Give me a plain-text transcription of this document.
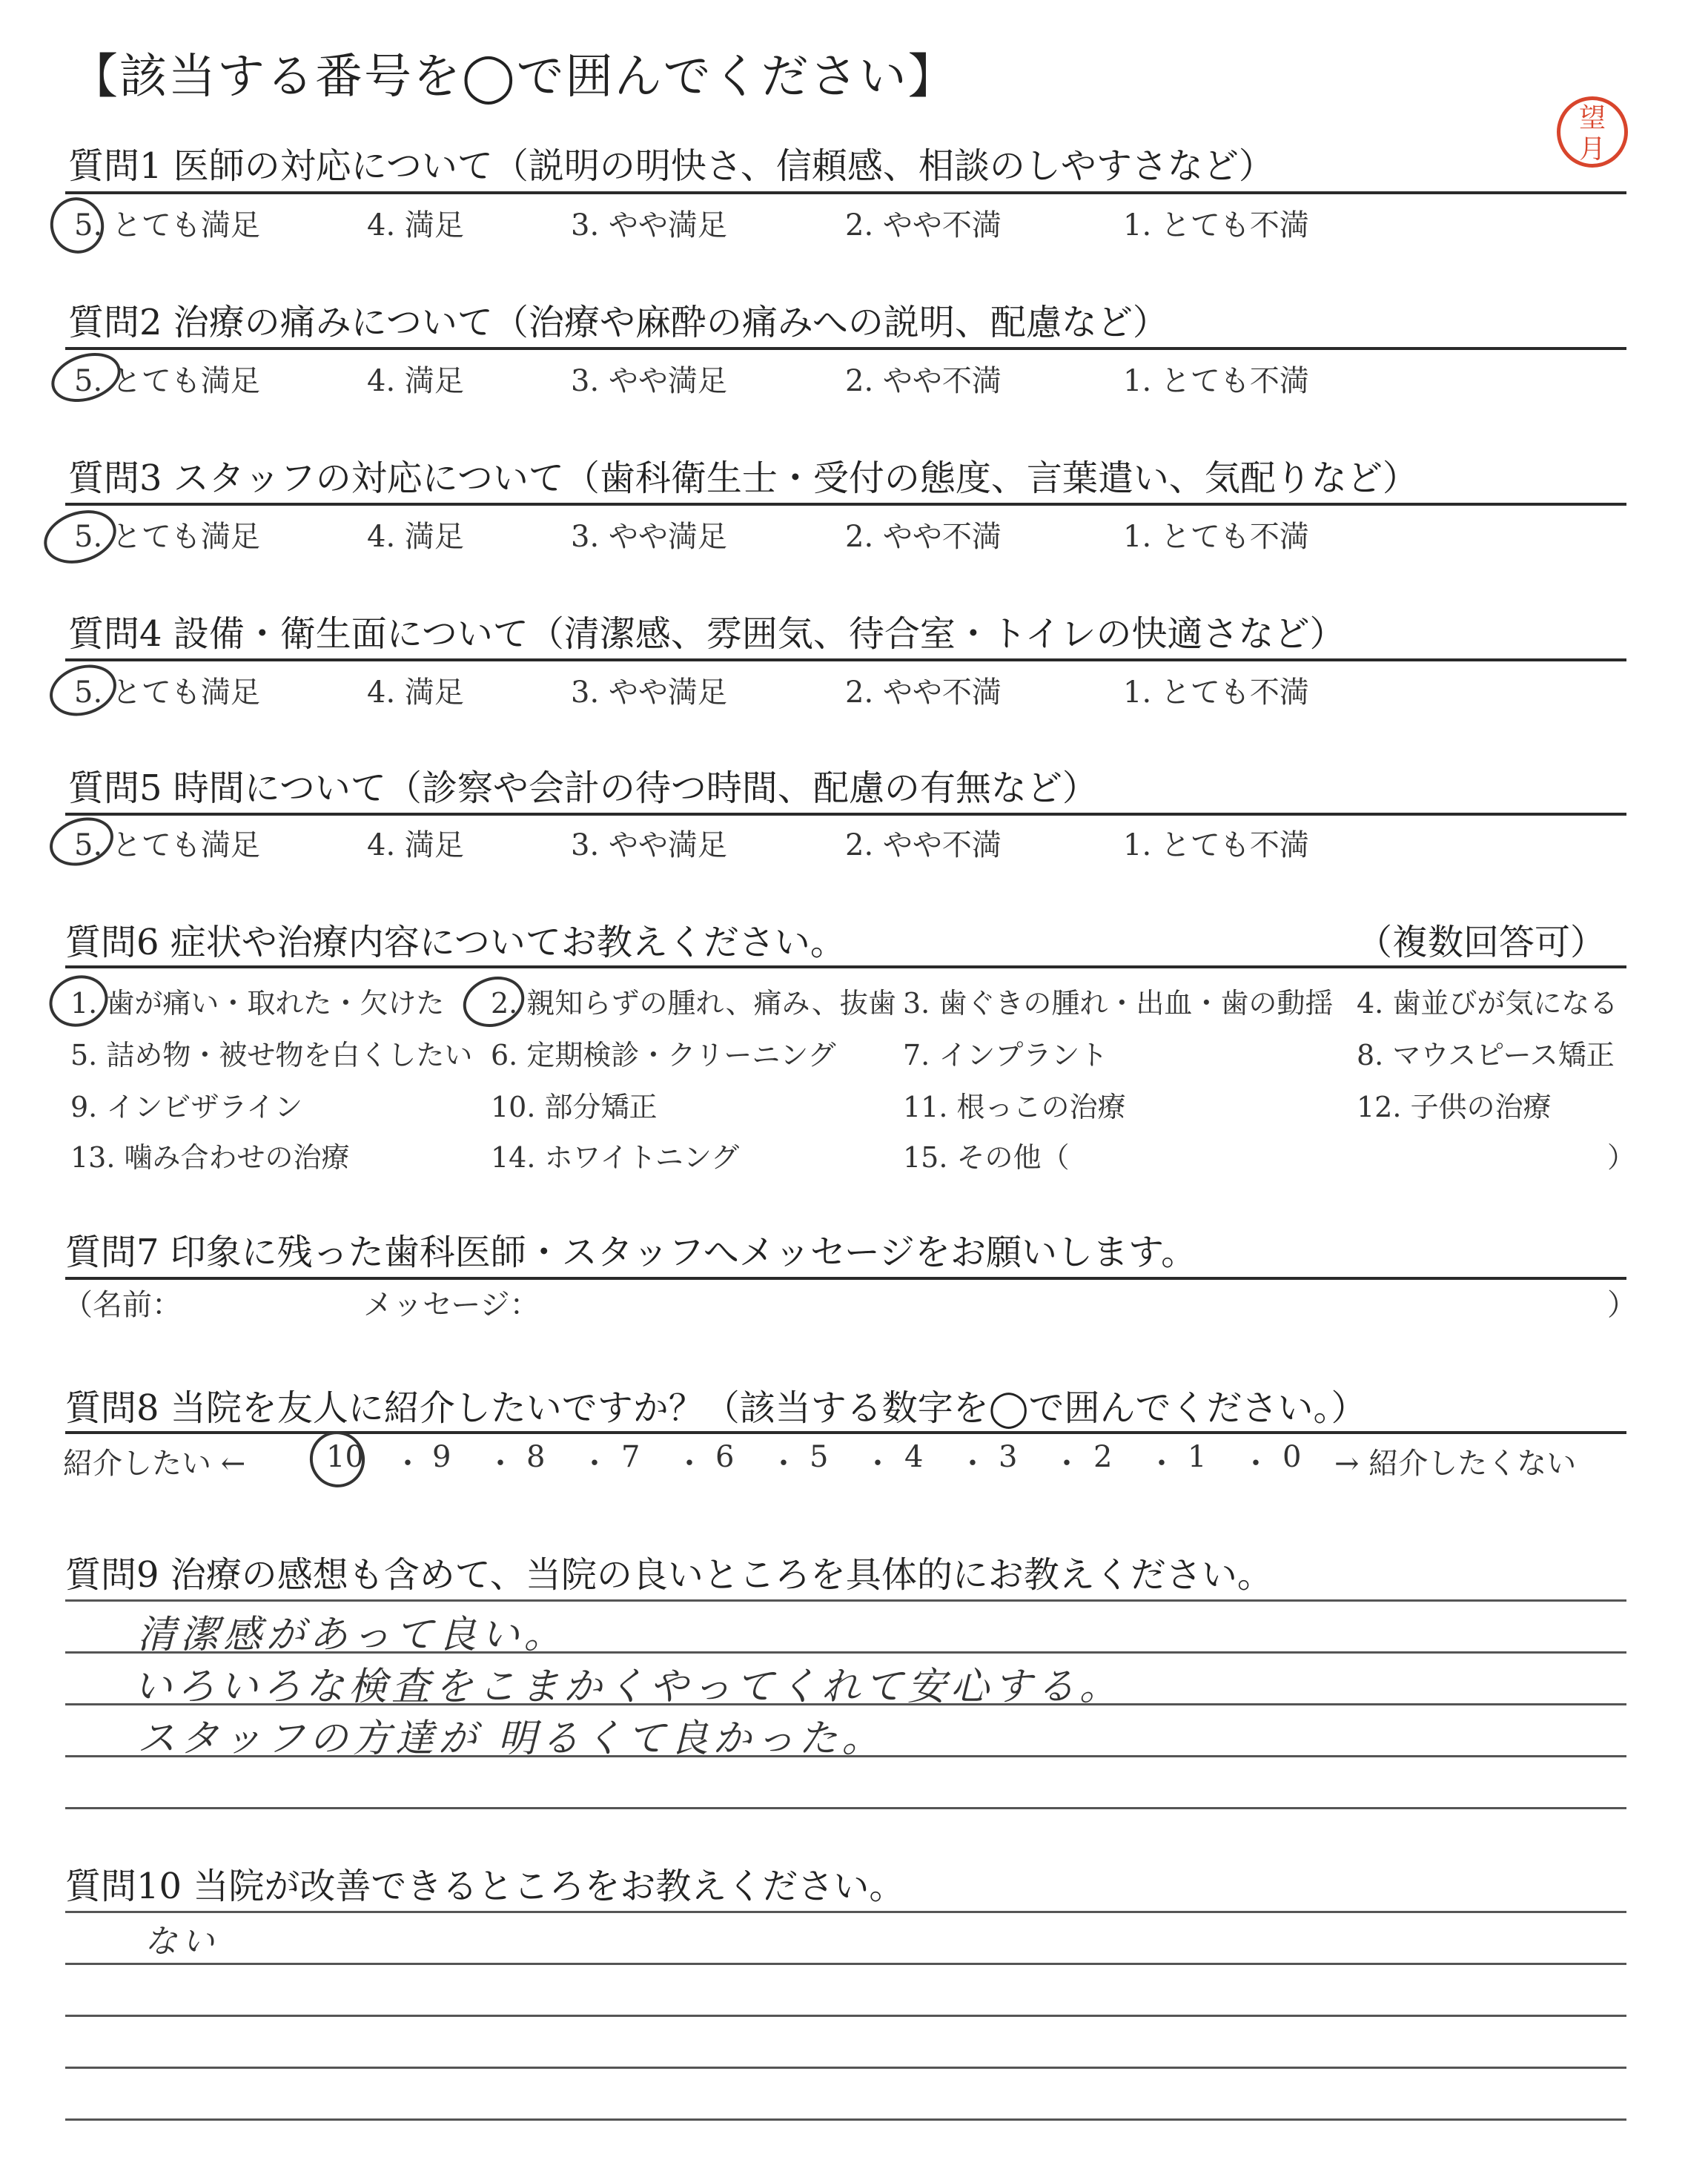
【該当する番号を◯で囲んでください】
望
月
質問1 医師の対応について（説明の明快さ、信頼感、相談のしやすさなど）
5. とても満足	4. 満足	3. やや満足	2. やや不満	1. とても不満
質問2 治療の痛みについて（治療や麻酔の痛みへの説明、配慮など）
5. とても満足	4. 満足	3. やや満足	2. やや不満	1. とても不満
質問3 スタッフの対応について（歯科衛生士・受付の態度、言葉遣い、気配りなど）
5. とても満足	4. 満足	3. やや満足	2. やや不満	1. とても不満
質問4 設備・衛生面について（清潔感、雰囲気、待合室・トイレの快適さなど）
5. とても満足	4. 満足	3. やや満足	2. やや不満	1. とても不満
質問5 時間について（診察や会計の待つ時間、配慮の有無など）
5. とても満足	4. 満足	3. やや満足	2. やや不満	1. とても不満
質問6 症状や治療内容についてお教えください。	（複数回答可）
1. 歯が痛い・取れた・欠けた 2. 親知らずの腫れ、痛み、抜歯 3. 歯ぐきの腫れ・出血・歯の動揺 4. 歯並びが気になる
5. 詰め物・被せ物を白くしたい 6. 定期検診・クリーニング 7. インプラント	8. マウスピース矯正
9. インビザライン	10. 部分矯正	11. 根っこの治療	12. 子供の治療
13. 噛み合わせの治療	14. ホワイトニング	15. その他（	）
質問7 印象に残った歯科医師・スタッフへメッセージをお願いします。
（名前：	メッセージ：	）
質問8 当院を友人に紹介したいですか？（該当する数字を◯で囲んでください。）
紹介したい ←	→ 紹介したくない
10 ・ 9 ・ 8 ・ 7 ・ 6 ・ 5 ・ 4 ・ 3 ・ 2 ・ 1 ・ 0
質問9 治療の感想も含めて、当院の良いところを具体的にお教えください。
清潔感があって良い。
いろいろな検査をこまかくやってくれて安心する。
スタッフの方達が 明るくて良かった。
質問10 当院が改善できるところをお教えください。
ない
